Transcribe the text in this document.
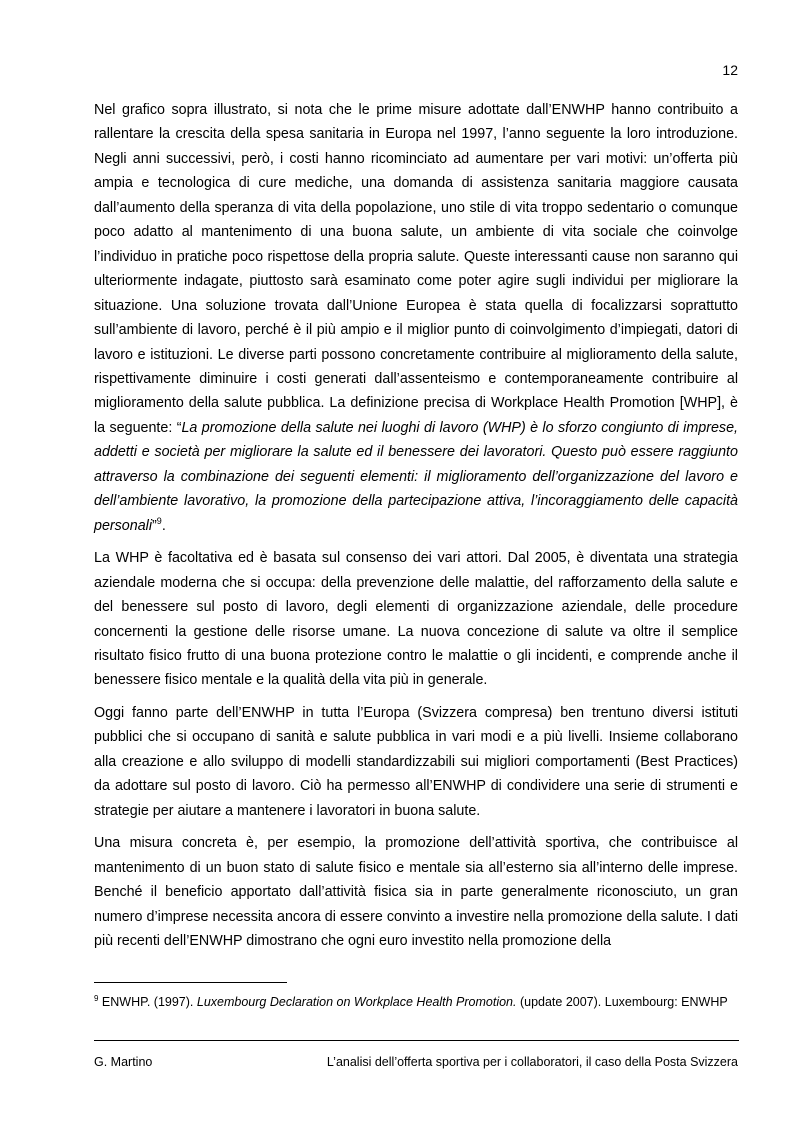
12

Nel grafico sopra illustrato, si nota che le prime misure adottate dall’ENWHP hanno contribuito a rallentare la crescita della spesa sanitaria in Europa nel 1997, l’anno seguente la loro introduzione. Negli anni successivi, però, i costi hanno ricominciato ad aumentare per vari motivi: un’offerta più ampia e tecnologica di cure mediche, una domanda di assistenza sanitaria maggiore causata dall’aumento della speranza di vita della popolazione, uno stile di vita troppo sedentario o comunque poco adatto al mantenimento di una buona salute, un ambiente di vita sociale che coinvolge l’individuo in pratiche poco rispettose della propria salute. Queste interessanti cause non saranno qui ulteriormente indagate, piuttosto sarà esaminato come poter agire sugli individui per migliorare la situazione. Una soluzione trovata dall’Unione Europea è stata quella di focalizzarsi soprattutto sull’ambiente di lavoro, perché è il più ampio e il miglior punto di coinvolgimento d’impiegati, datori di lavoro e istituzioni. Le diverse parti possono concretamente contribuire al miglioramento della salute, rispettivamente diminuire i costi generati dall’assenteismo e contemporaneamente contribuire al miglioramento della salute pubblica. La definizione precisa di Workplace Health Promotion [WHP], è la seguente: “La promozione della salute nei luoghi di lavoro (WHP) è lo sforzo congiunto di imprese, addetti e società per migliorare la salute ed il benessere dei lavoratori. Questo può essere raggiunto attraverso la combinazione dei seguenti elementi: il miglioramento dell’organizzazione del lavoro e dell’ambiente lavorativo, la promozione della partecipazione attiva, l’incoraggiamento delle capacità personali”$^9$.

La WHP è facoltativa ed è basata sul consenso dei vari attori. Dal 2005, è diventata una strategia aziendale moderna che si occupa: della prevenzione delle malattie, del rafforzamento della salute e del benessere sul posto di lavoro, degli elementi di organizzazione aziendale, delle procedure concernenti la gestione delle risorse umane. La nuova concezione di salute va oltre il semplice risultato fisico frutto di una buona protezione contro le malattie o gli incidenti, e comprende anche il benessere fisico mentale e la qualità della vita più in generale.

Oggi fanno parte dell’ENWHP in tutta l’Europa (Svizzera compresa) ben trentuno diversi istituti pubblici che si occupano di sanità e salute pubblica in vari modi e a più livelli. Insieme collaborano alla creazione e allo sviluppo di modelli standardizzabili sui migliori comportamenti (Best Practices) da adottare sul posto di lavoro. Ciò ha permesso all’ENWHP di condividere una serie di strumenti e strategie per aiutare a mantenere i lavoratori in buona salute.

Una misura concreta è, per esempio, la promozione dell’attività sportiva, che contribuisce al mantenimento di un buon stato di salute fisico e mentale sia all’esterno sia all’interno delle imprese. Benché il beneficio apportato dall’attività fisica sia in parte generalmente riconosciuto, un gran numero d’imprese necessita ancora di essere convinto a investire nella promozione della salute. I dati più recenti dell’ENWHP dimostrano che ogni euro investito nella promozione della

$^9$ ENWHP. (1997). Luxembourg Declaration on Workplace Health Promotion. (update 2007). Luxembourg: ENWHP
G. Martino	L’analisi dell’offerta sportiva per i collaboratori, il caso della Posta Svizzera
